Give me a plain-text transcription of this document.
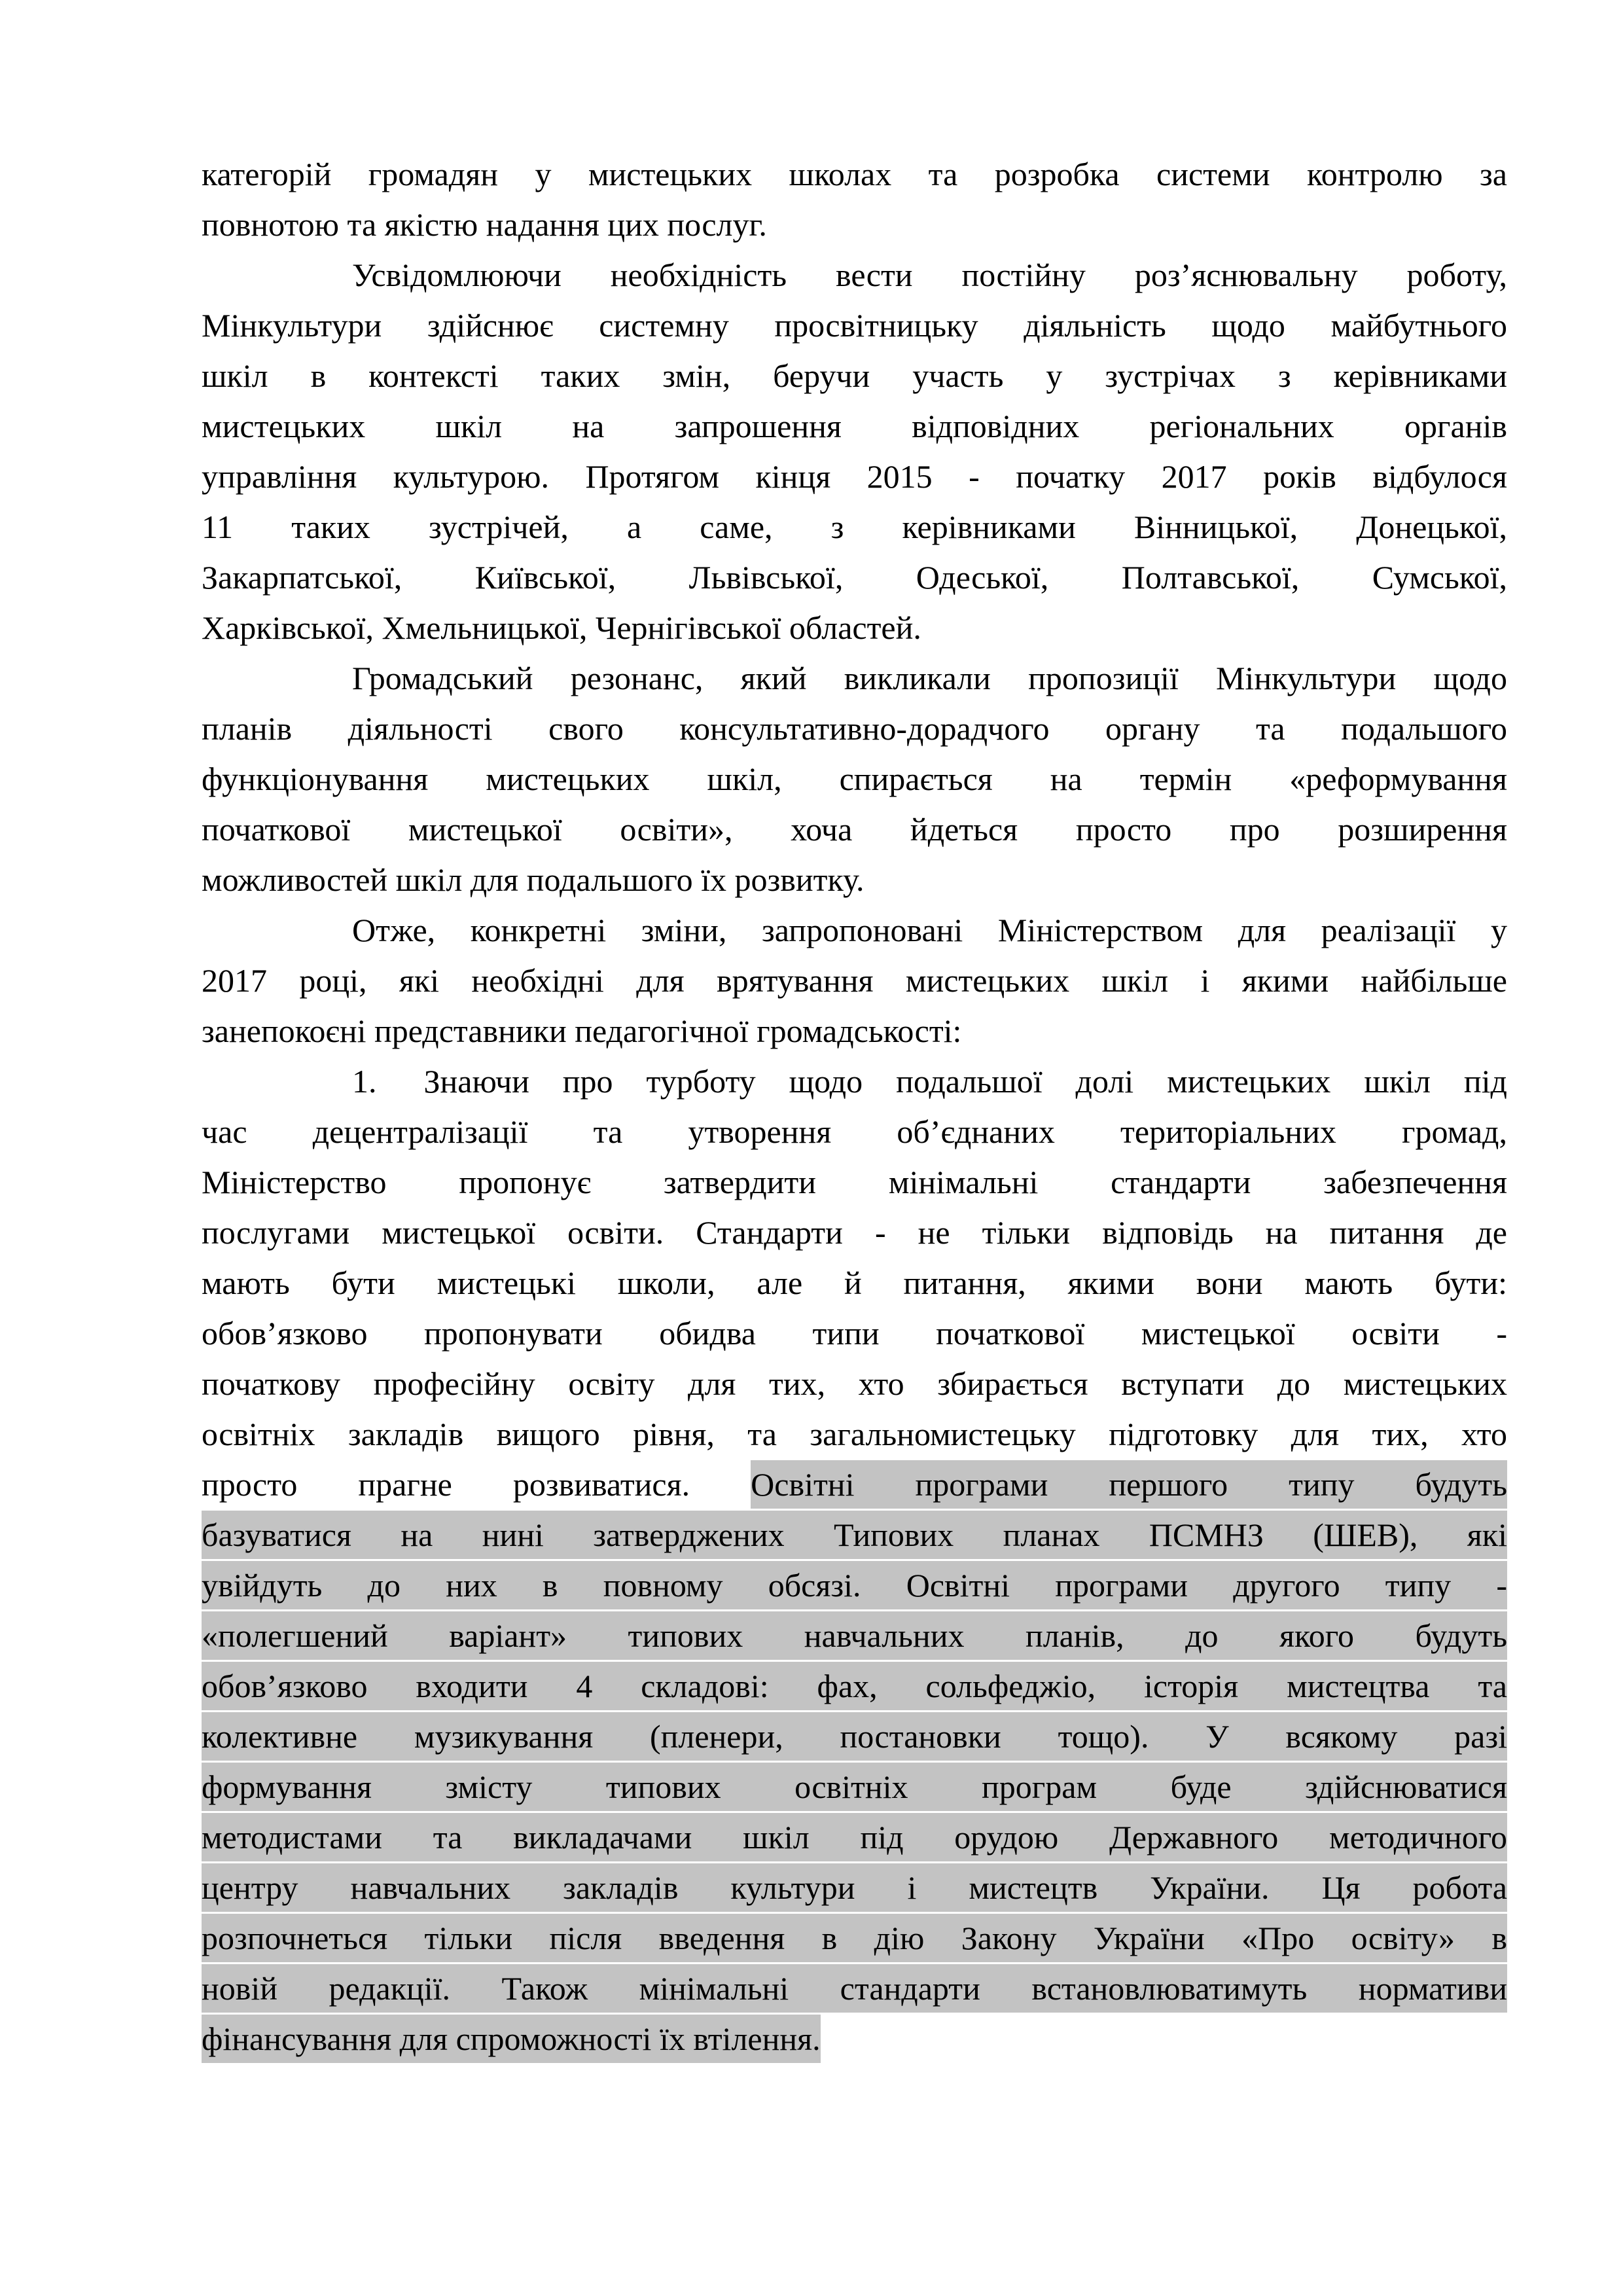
категорій громадян у мистецьких школах та розробка системи контролю за
повнотою та якістю надання цих послуг.
Усвідомлюючи необхідність вести постійну роз’яснювальну роботу,
Мінкультури здійснює системну просвітницьку діяльність щодо майбутнього
шкіл в контексті таких змін, беручи участь у зустрічах з керівниками
мистецьких шкіл на запрошення відповідних регіональних органів
управління культурою. Протягом кінця 2015 - початку 2017 років відбулося
11 таких зустрічей, а саме, з керівниками Вінницької, Донецької,
Закарпатської, Київської, Львівської, Одеської, Полтавської, Сумської,
Харківської, Хмельницької, Чернігівської областей.
Громадський резонанс, який викликали пропозиції Мінкультури щодо
планів діяльності свого консультативно-дорадчого органу та подальшого
функціонування мистецьких шкіл, спирається на термін «реформування
початкової мистецької освіти», хоча йдеться просто про розширення
можливостей шкіл для подальшого їх розвитку.
Отже, конкретні зміни, запропоновані Міністерством для реалізації у
2017 році, які необхідні для врятування мистецьких шкіл і якими найбільше
занепокоєні представники педагогічної громадськості:
1. Знаючи про турботу щодо подальшої долі мистецьких шкіл під
час децентралізації та утворення об’єднаних територіальних громад,
Міністерство пропонує затвердити мінімальні стандарти забезпечення
послугами мистецької освіти. Стандарти - не тільки відповідь на питання де
мають бути мистецькі школи, але й питання, якими вони мають бути:
обов’язково пропонувати обидва типи початкової мистецької освіти -
початкову професійну освіту для тих, хто збирається вступати до мистецьких
освітніх закладів вищого рівня, та загальномистецьку підготовку для тих, хто
просто прагне розвиватися. Освітні програми першого типу будуть
базуватися на нині затверджених Типових планах ПСМНЗ (ШЕВ), які
увійдуть до них в повному обсязі. Освітні програми другого типу -
«полегшений варіант» типових навчальних планів, до якого будуть
обов’язково входити 4 складові: фах, сольфеджіо, історія мистецтва та
колективне музикування (пленери, постановки тощо). У всякому разі
формування змісту типових освітніх програм буде здійснюватися
методистами та викладачами шкіл під орудою Державного методичного
центру навчальних закладів культури і мистецтв України. Ця робота
розпочнеться тільки після введення в дію Закону України «Про освіту» в
новій редакції. Також мінімальні стандарти встановлюватимуть нормативи
фінансування для спроможності їх втілення.
